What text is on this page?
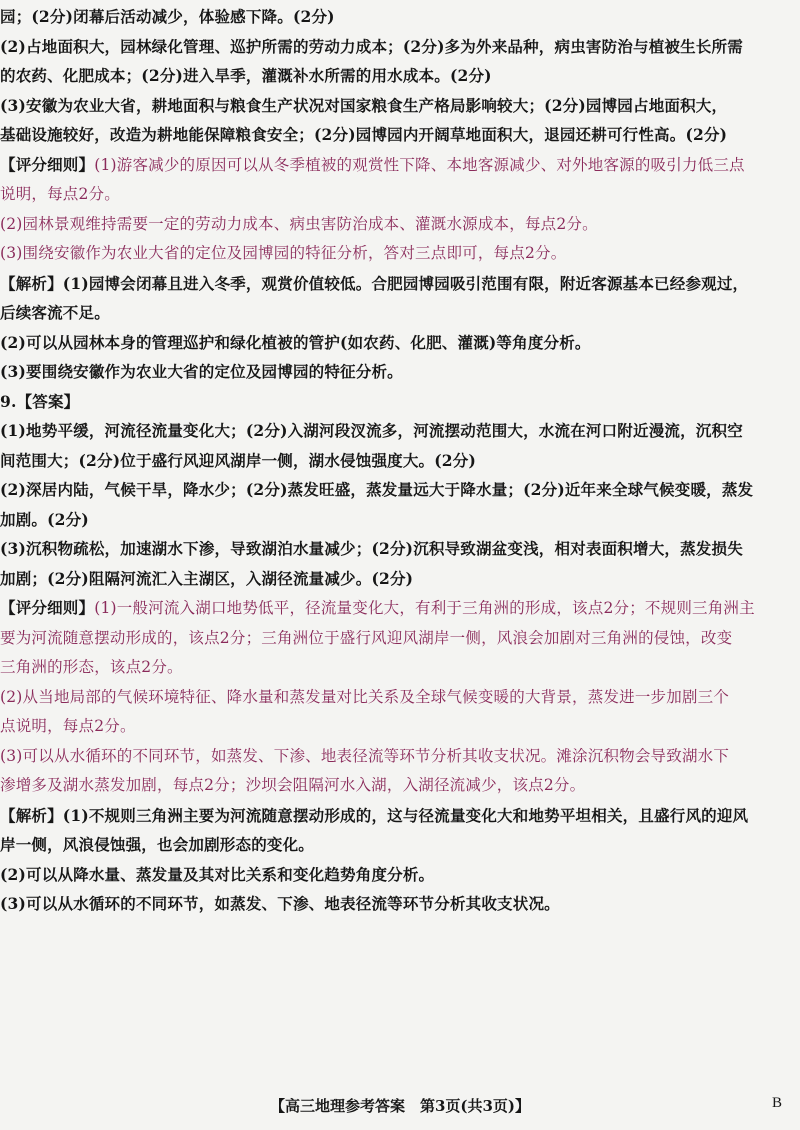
园；(2分)闭幕后活动减少，体验感下降。(2分)
(2)占地面积大，园林绿化管理、巡护所需的劳动力成本；(2分)多为外来品种，病虫害防治与植被生长所需
的农药、化肥成本；(2分)进入旱季，灌溉补水所需的用水成本。(2分)
(3)安徽为农业大省，耕地面积与粮食生产状况对国家粮食生产格局影响较大；(2分)园博园占地面积大，
基础设施较好，改造为耕地能保障粮食安全；(2分)园博园内开阔草地面积大，退园还耕可行性高。(2分)
【评分细则】(1)游客减少的原因可以从冬季植被的观赏性下降、本地客源减少、对外地客源的吸引力低三点
说明，每点2分。
(2)园林景观维持需要一定的劳动力成本、病虫害防治成本、灌溉水源成本，每点2分。
(3)围绕安徽作为农业大省的定位及园博园的特征分析，答对三点即可，每点2分。
【解析】(1)园博会闭幕且进入冬季，观赏价值较低。合肥园博园吸引范围有限，附近客源基本已经参观过，
后续客流不足。
(2)可以从园林本身的管理巡护和绿化植被的管护(如农药、化肥、灌溉)等角度分析。
(3)要围绕安徽作为农业大省的定位及园博园的特征分析。
9.【答案】
(1)地势平缓，河流径流量变化大；(2分)入湖河段汊流多，河流摆动范围大，水流在河口附近漫流，沉积空
间范围大；(2分)位于盛行风迎风湖岸一侧，湖水侵蚀强度大。(2分)
(2)深居内陆，气候干旱，降水少；(2分)蒸发旺盛，蒸发量远大于降水量；(2分)近年来全球气候变暖，蒸发
加剧。(2分)
(3)沉积物疏松，加速湖水下渗，导致湖泊水量减少；(2分)沉积导致湖盆变浅，相对表面积增大，蒸发损失
加剧；(2分)阻隔河流汇入主湖区，入湖径流量减少。(2分)
【评分细则】(1)一般河流入湖口地势低平，径流量变化大，有利于三角洲的形成，该点2分；不规则三角洲主
要为河流随意摆动形成的，该点2分；三角洲位于盛行风迎风湖岸一侧，风浪会加剧对三角洲的侵蚀，改变
三角洲的形态，该点2分。
(2)从当地局部的气候环境特征、降水量和蒸发量对比关系及全球气候变暖的大背景，蒸发进一步加剧三个
点说明，每点2分。
(3)可以从水循环的不同环节，如蒸发、下渗、地表径流等环节分析其收支状况。滩涂沉积物会导致湖水下
渗增多及湖水蒸发加剧，每点2分；沙坝会阻隔河水入湖，入湖径流减少，该点2分。
【解析】(1)不规则三角洲主要为河流随意摆动形成的，这与径流量变化大和地势平坦相关，且盛行风的迎风
岸一侧，风浪侵蚀强，也会加剧形态的变化。
(2)可以从降水量、蒸发量及其对比关系和变化趋势角度分析。
(3)可以从水循环的不同环节，如蒸发、下渗、地表径流等环节分析其收支状况。
【高三地理参考答案　第3页(共3页)】	B
